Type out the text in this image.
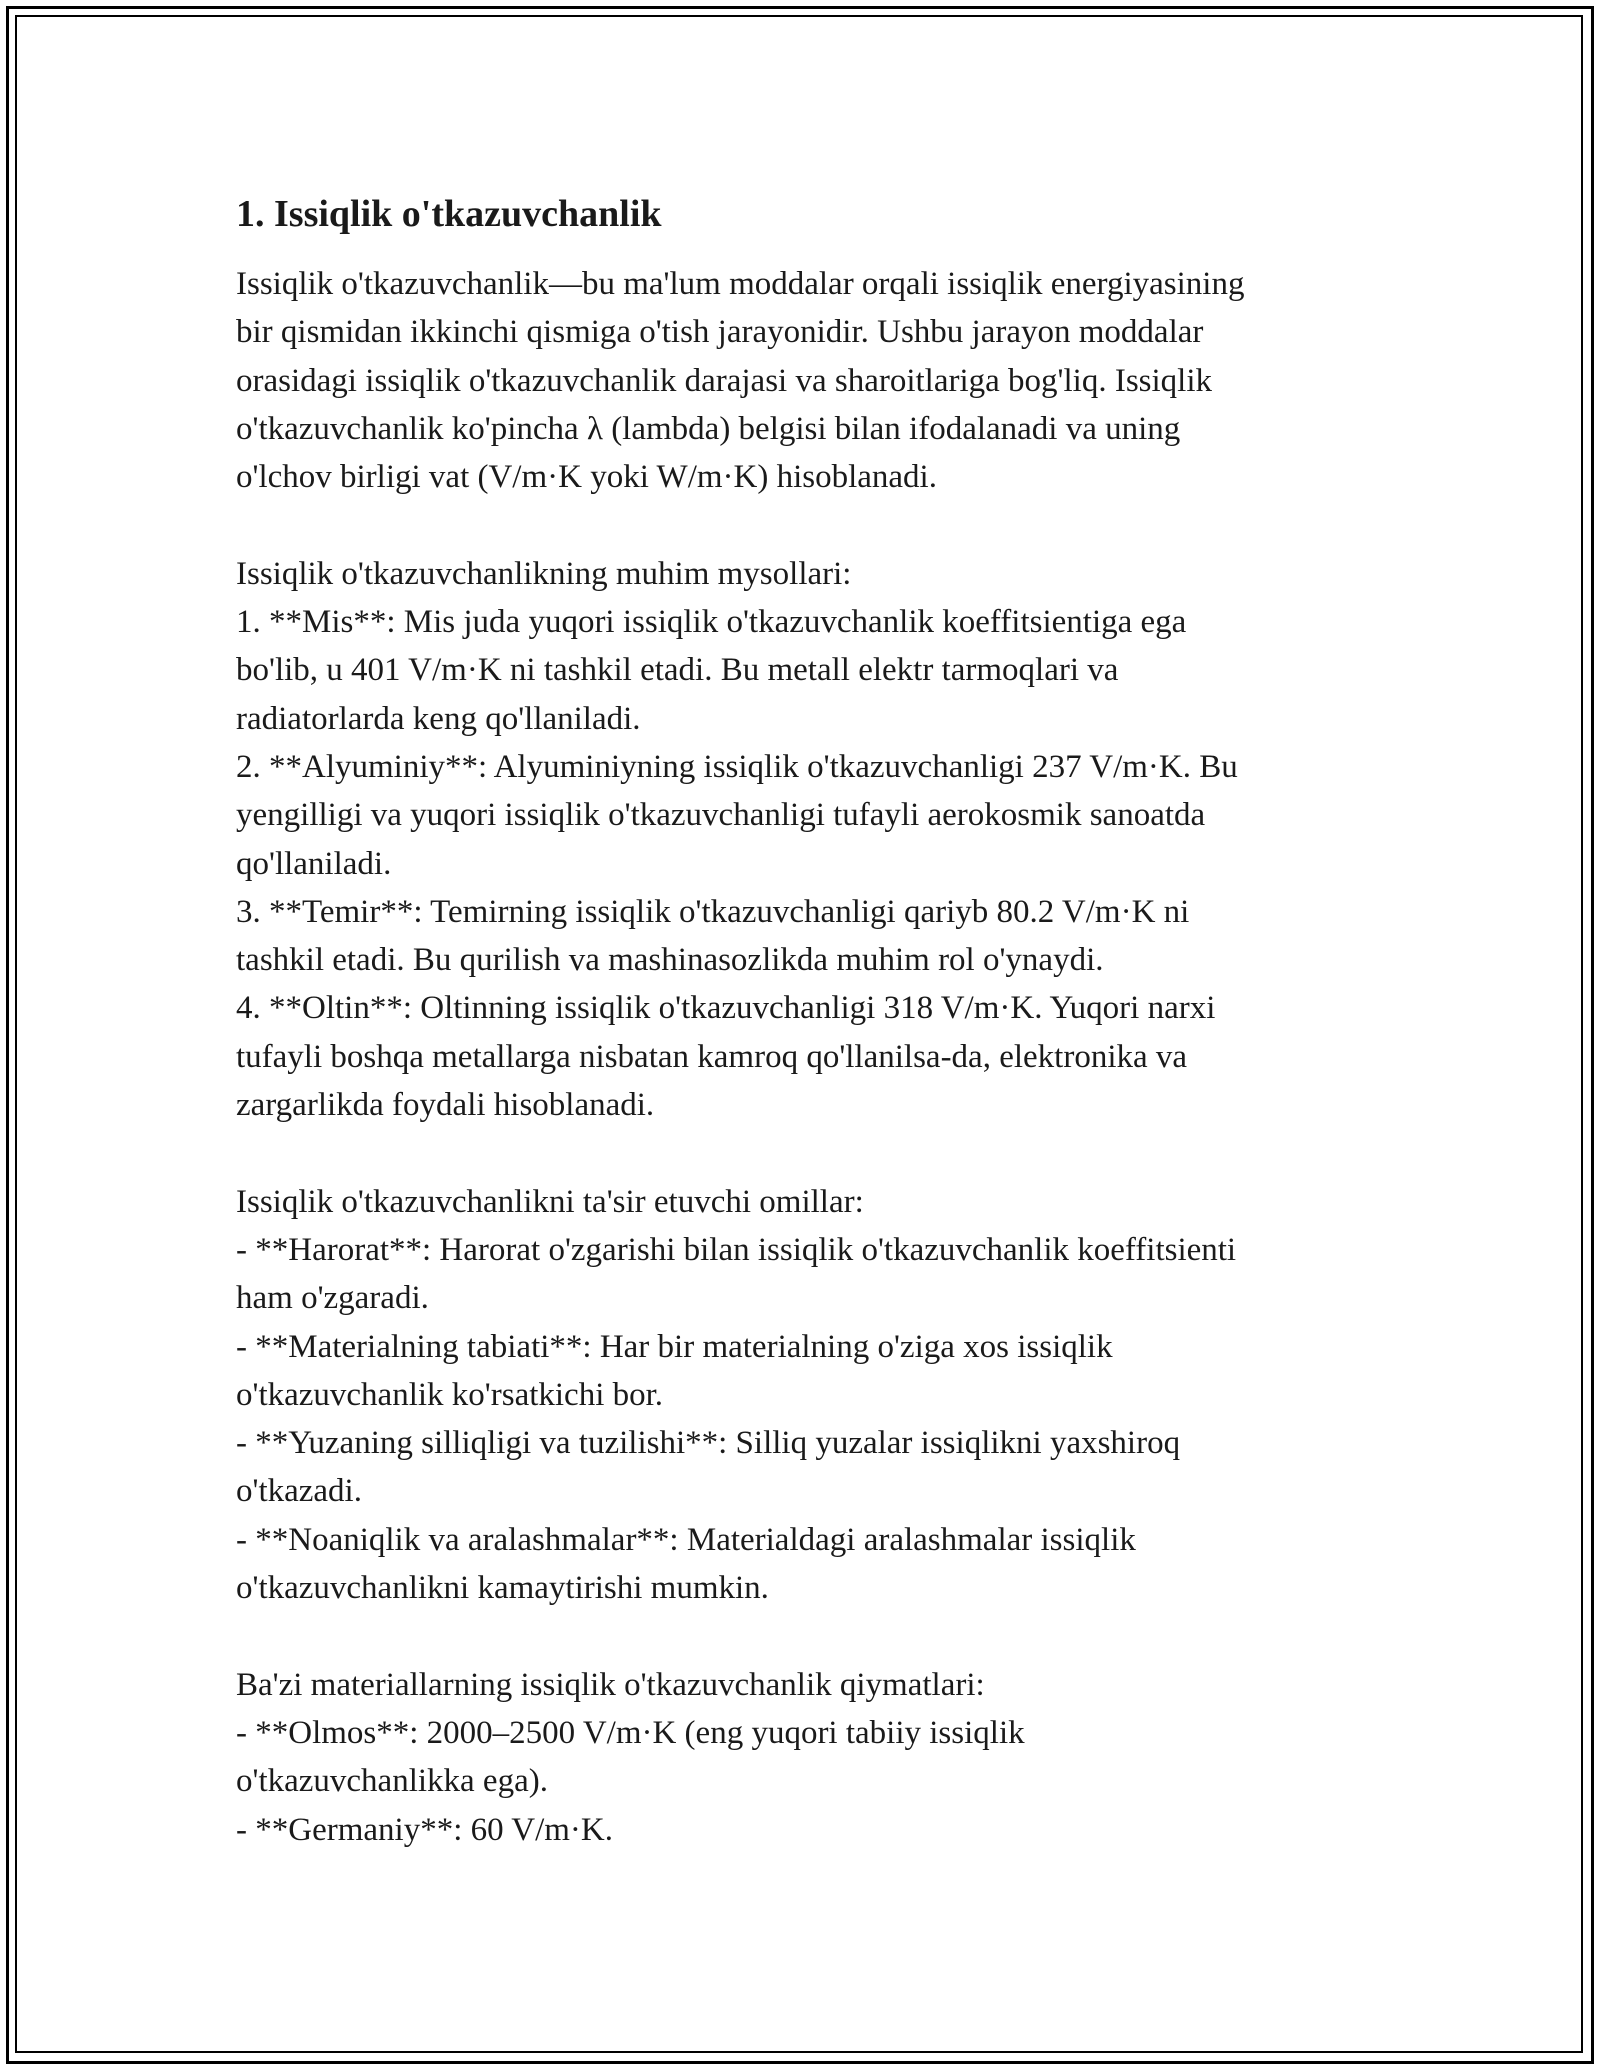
1. Issiqlik o'tkazuvchanlik
Issiqlik o'tkazuvchanlik—bu ma'lum moddalar orqali issiqlik energiyasining
bir qismidan ikkinchi qismiga o'tish jarayonidir. Ushbu jarayon moddalar
orasidagi issiqlik o'tkazuvchanlik darajasi va sharoitlariga bog'liq. Issiqlik
o'tkazuvchanlik ko'pincha λ (lambda) belgisi bilan ifodalanadi va uning
o'lchov birligi vat (V/m·K yoki W/m·K) hisoblanadi.
Issiqlik o'tkazuvchanlikning muhim mysollari:
1. **Mis**: Mis juda yuqori issiqlik o'tkazuvchanlik koeffitsientiga ega
bo'lib, u 401 V/m·K ni tashkil etadi. Bu metall elektr tarmoqlari va
radiatorlarda keng qo'llaniladi.
2. **Alyuminiy**: Alyuminiyning issiqlik o'tkazuvchanligi 237 V/m·K. Bu
yengilligi va yuqori issiqlik o'tkazuvchanligi tufayli aerokosmik sanoatda
qo'llaniladi.
3. **Temir**: Temirning issiqlik o'tkazuvchanligi qariyb 80.2 V/m·K ni
tashkil etadi. Bu qurilish va mashinasozlikda muhim rol o'ynaydi.
4. **Oltin**: Oltinning issiqlik o'tkazuvchanligi 318 V/m·K. Yuqori narxi
tufayli boshqa metallarga nisbatan kamroq qo'llanilsa-da, elektronika va
zargarlikda foydali hisoblanadi.
Issiqlik o'tkazuvchanlikni ta'sir etuvchi omillar:
- **Harorat**: Harorat o'zgarishi bilan issiqlik o'tkazuvchanlik koeffitsienti
ham o'zgaradi.
- **Materialning tabiati**: Har bir materialning o'ziga xos issiqlik
o'tkazuvchanlik ko'rsatkichi bor.
- **Yuzaning silliqligi va tuzilishi**: Silliq yuzalar issiqlikni yaxshiroq
o'tkazadi.
- **Noaniqlik va aralashmalar**: Materialdagi aralashmalar issiqlik
o'tkazuvchanlikni kamaytirishi mumkin.
Ba'zi materiallarning issiqlik o'tkazuvchanlik qiymatlari:
- **Olmos**: 2000–2500 V/m·K (eng yuqori tabiiy issiqlik
o'tkazuvchanlikka ega).
- **Germaniy**: 60 V/m·K.
